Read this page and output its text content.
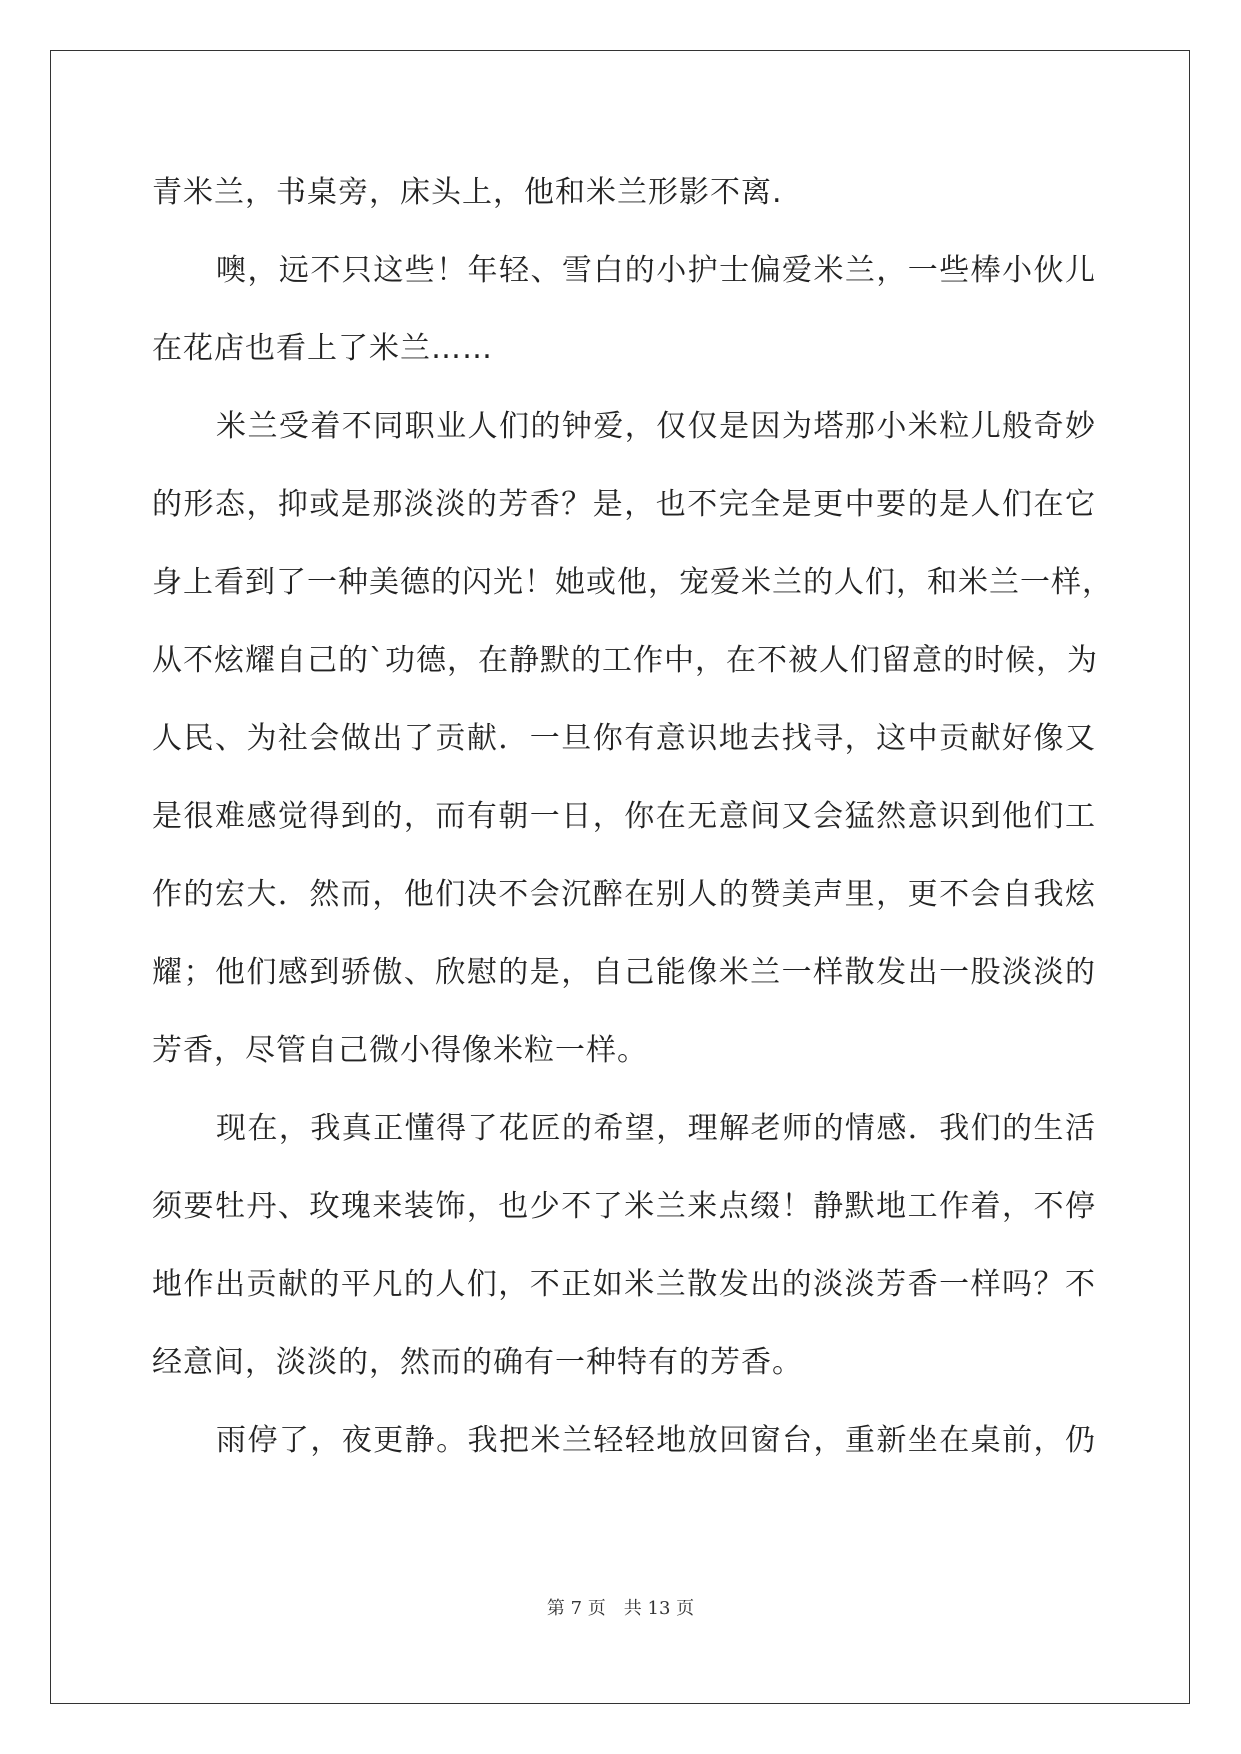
青米兰，书桌旁，床头上，他和米兰形影不离.
噢，远不只这些！年轻、雪白的小护士偏爱米兰，一些棒小伙儿
在花店也看上了米兰……
米兰受着不同职业人们的钟爱，仅仅是因为塔那小米粒儿般奇妙
的形态，抑或是那淡淡的芳香？是，也不完全是更中要的是人们在它
身上看到了一种美德的闪光！她或他，宠爱米兰的人们，和米兰一样，
从不炫耀自己的`功德，在静默的工作中，在不被人们留意的时候，为
人民、为社会做出了贡献．一旦你有意识地去找寻，这中贡献好像又
是很难感觉得到的，而有朝一日，你在无意间又会猛然意识到他们工
作的宏大．然而，他们决不会沉醉在别人的赞美声里，更不会自我炫
耀；他们感到骄傲、欣慰的是，自己能像米兰一样散发出一股淡淡的
芳香，尽管自己微小得像米粒一样。
现在，我真正懂得了花匠的希望，理解老师的情感．我们的生活
须要牡丹、玫瑰来装饰，也少不了米兰来点缀！静默地工作着，不停
地作出贡献的平凡的人们，不正如米兰散发出的淡淡芳香一样吗？不
经意间，淡淡的，然而的确有一种特有的芳香。
雨停了，夜更静。我把米兰轻轻地放回窗台，重新坐在桌前，仍
第 7 页　共 13 页
